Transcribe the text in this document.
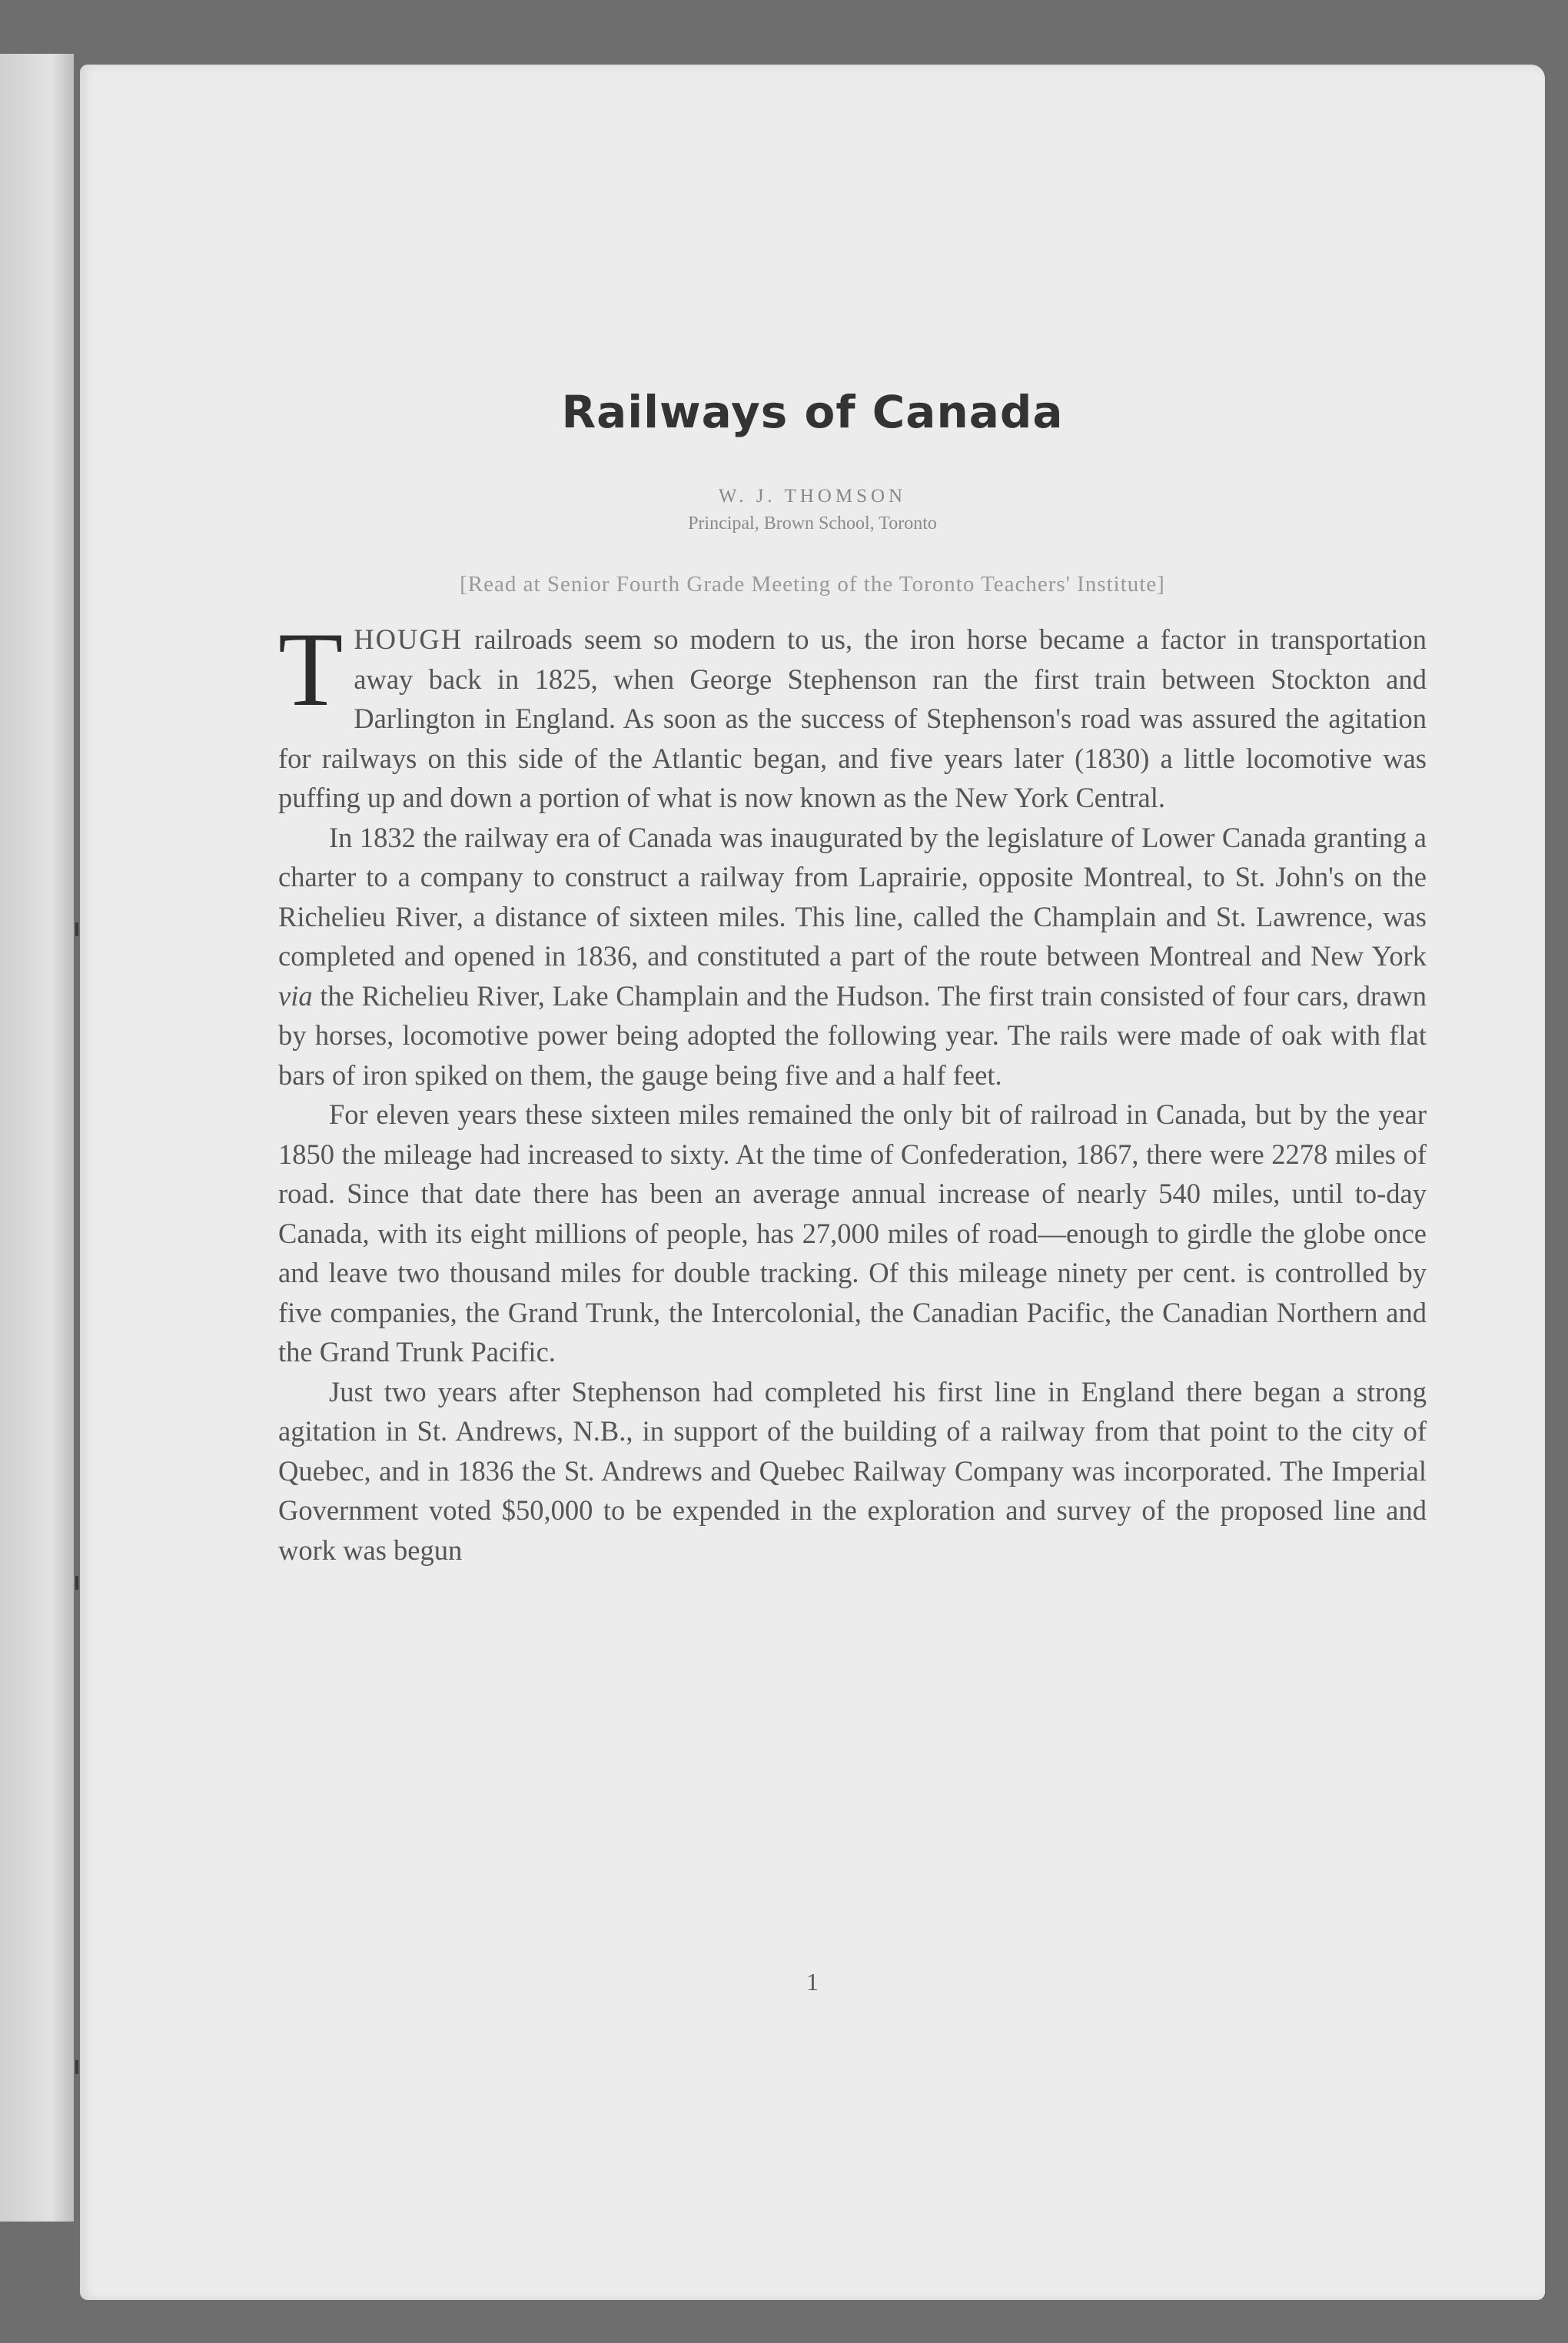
Railways of Canada
W. J. THOMSON
Principal, Brown School, Toronto
[Read at Senior Fourth Grade Meeting of the Toronto Teachers' Institute]

THOUGH railroads seem so modern to us, the iron horse became a factor in transportation away back in 1825, when George Stephenson ran the first train between Stockton and Darlington in England. As soon as the success of Stephenson's road was assured the agitation for railways on this side of the Atlantic began, and five years later (1830) a little locomotive was puffing up and down a portion of what is now known as the New York Central.

In 1832 the railway era of Canada was inaugurated by the legislature of Lower Canada granting a charter to a company to construct a railway from Laprairie, opposite Montreal, to St. John's on the Richelieu River, a distance of sixteen miles. This line, called the Champlain and St. Lawrence, was completed and opened in 1836, and constituted a part of the route between Montreal and New York via the Richelieu River, Lake Champlain and the Hudson. The first train consisted of four cars, drawn by horses, locomotive power being adopted the following year. The rails were made of oak with flat bars of iron spiked on them, the gauge being five and a half feet.

For eleven years these sixteen miles remained the only bit of railroad in Canada, but by the year 1850 the mileage had increased to sixty. At the time of Confederation, 1867, there were 2278 miles of road. Since that date there has been an average annual increase of nearly 540 miles, until to-day Canada, with its eight millions of people, has 27,000 miles of road—enough to girdle the globe once and leave two thousand miles for double tracking. Of this mileage ninety per cent. is controlled by five companies, the Grand Trunk, the Intercolonial, the Canadian Pacific, the Canadian Northern and the Grand Trunk Pacific.

Just two years after Stephenson had completed his first line in England there began a strong agitation in St. Andrews, N.B., in support of the building of a railway from that point to the city of Quebec, and in 1836 the St. Andrews and Quebec Railway Company was incorporated. The Imperial Government voted $50,000 to be expended in the exploration and survey of the proposed line and work was begun

1
